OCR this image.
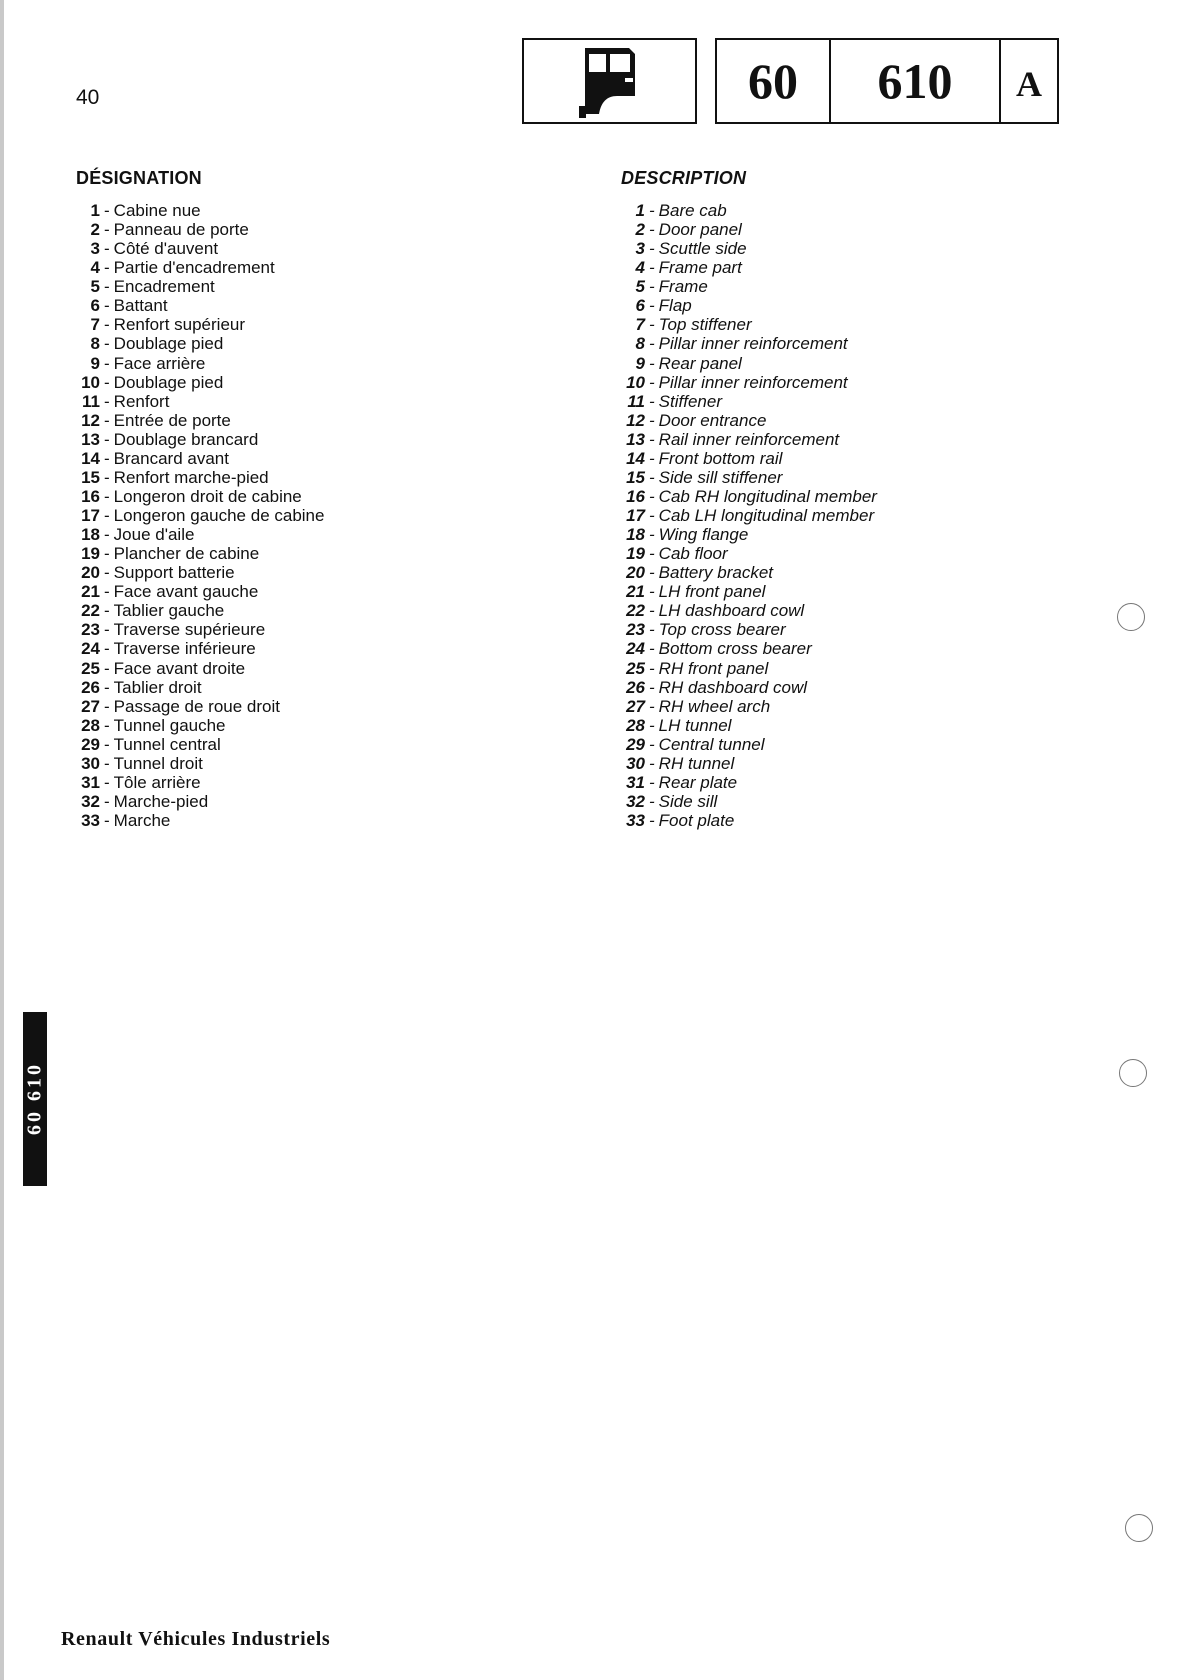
40	60	610	A
DÉSIGNATION
1 - Cabine nue
2 - Panneau de porte
3 - Côté d'auvent
4 - Partie d'encadrement
5 - Encadrement
6 - Battant
7 - Renfort supérieur
8 - Doublage pied
9 - Face arrière
10 - Doublage pied
11 - Renfort
12 - Entrée de porte
13 - Doublage brancard
14 - Brancard avant
15 - Renfort marche-pied
16 - Longeron droit de cabine
17 - Longeron gauche de cabine
18 - Joue d'aile
19 - Plancher de cabine
20 - Support batterie
21 - Face avant gauche
22 - Tablier gauche
23 - Traverse supérieure
24 - Traverse inférieure
25 - Face avant droite
26 - Tablier droit
27 - Passage de roue droit
28 - Tunnel gauche
29 - Tunnel central
30 - Tunnel droit
31 - Tôle arrière
32 - Marche-pied
33 - Marche
DESCRIPTION
1 - Bare cab
2 - Door panel
3 - Scuttle side
4 - Frame part
5 - Frame
6 - Flap
7 - Top stiffener
8 - Pillar inner reinforcement
9 - Rear panel
10 - Pillar inner reinforcement
11 - Stiffener
12 - Door entrance
13 - Rail inner reinforcement
14 - Front bottom rail
15 - Side sill stiffener
16 - Cab RH longitudinal member
17 - Cab LH longitudinal member
18 - Wing flange
19 - Cab floor
20 - Battery bracket
21 - LH front panel
22 - LH dashboard cowl
23 - Top cross bearer
24 - Bottom cross bearer
25 - RH front panel
26 - RH dashboard cowl
27 - RH wheel arch
28 - LH tunnel
29 - Central tunnel
30 - RH tunnel
31 - Rear plate
32 - Side sill
33 - Foot plate
60 610
Renault Véhicules Industriels
